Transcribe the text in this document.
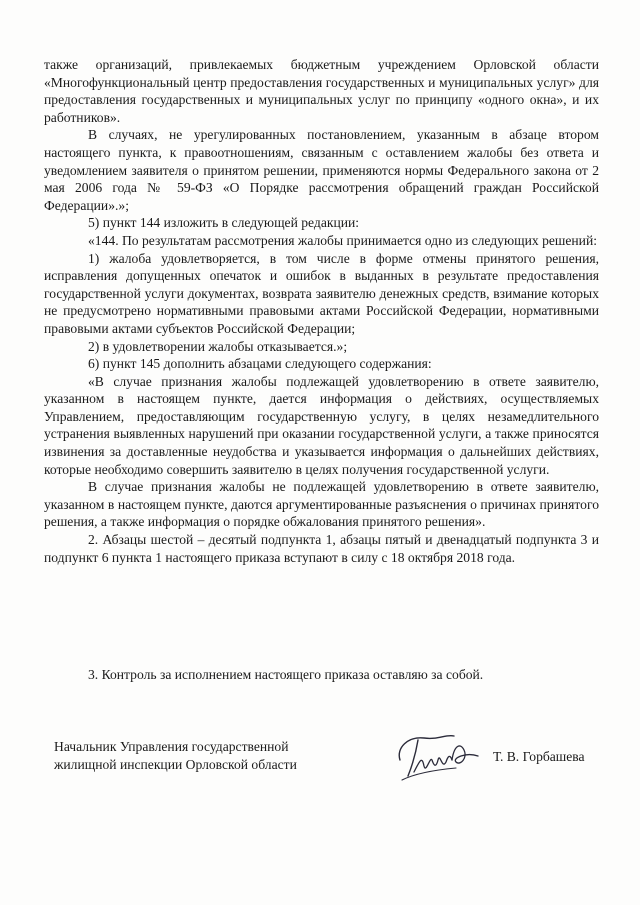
также организаций, привлекаемых бюджетным учреждением Орловской области «Многофункциональный центр предоставления государственных и муниципальных услуг» для предоставления государственных и муниципальных услуг по принципу «одного окна», и их работников».

В случаях, не урегулированных постановлением, указанным в абзаце втором настоящего пункта, к правоотношениям, связанным с оставлением жалобы без ответа и уведомлением заявителя о принятом решении, применяются нормы Федерального закона от 2 мая 2006 года № 59-ФЗ «О Порядке рассмотрения обращений граждан Российской Федерации».»;

5) пункт 144 изложить в следующей редакции:

«144. По результатам рассмотрения жалобы принимается одно из следующих решений:

1) жалоба удовлетворяется, в том числе в форме отмены принятого решения, исправления допущенных опечаток и ошибок в выданных в результате предоставления государственной услуги документах, возврата заявителю денежных средств, взимание которых не предусмотрено нормативными правовыми актами Российской Федерации, нормативными правовыми актами субъектов Российской Федерации;

2) в удовлетворении жалобы отказывается.»;

6) пункт 145 дополнить абзацами следующего содержания:

«В случае признания жалобы подлежащей удовлетворению в ответе заявителю, указанном в настоящем пункте, дается информация о действиях, осуществляемых Управлением, предоставляющим государственную услугу, в целях незамедлительного устранения выявленных нарушений при оказании государственной услуги, а также приносятся извинения за доставленные неудобства и указывается информация о дальнейших действиях, которые необходимо совершить заявителю в целях получения государственной услуги.

В случае признания жалобы не подлежащей удовлетворению в ответе заявителю, указанном в настоящем пункте, даются аргументированные разъяснения о причинах принятого решения, а также информация о порядке обжалования принятого решения».

2. Абзацы шестой – десятый подпункта 1, абзацы пятый и двенадцатый подпункта 3 и подпункт 6 пункта 1 настоящего приказа вступают в силу с 18 октября 2018 года.

3. Контроль за исполнением настоящего приказа оставляю за собой.
Начальник Управления государственной
жилищной инспекции Орловской области
Т. В. Горбашева
